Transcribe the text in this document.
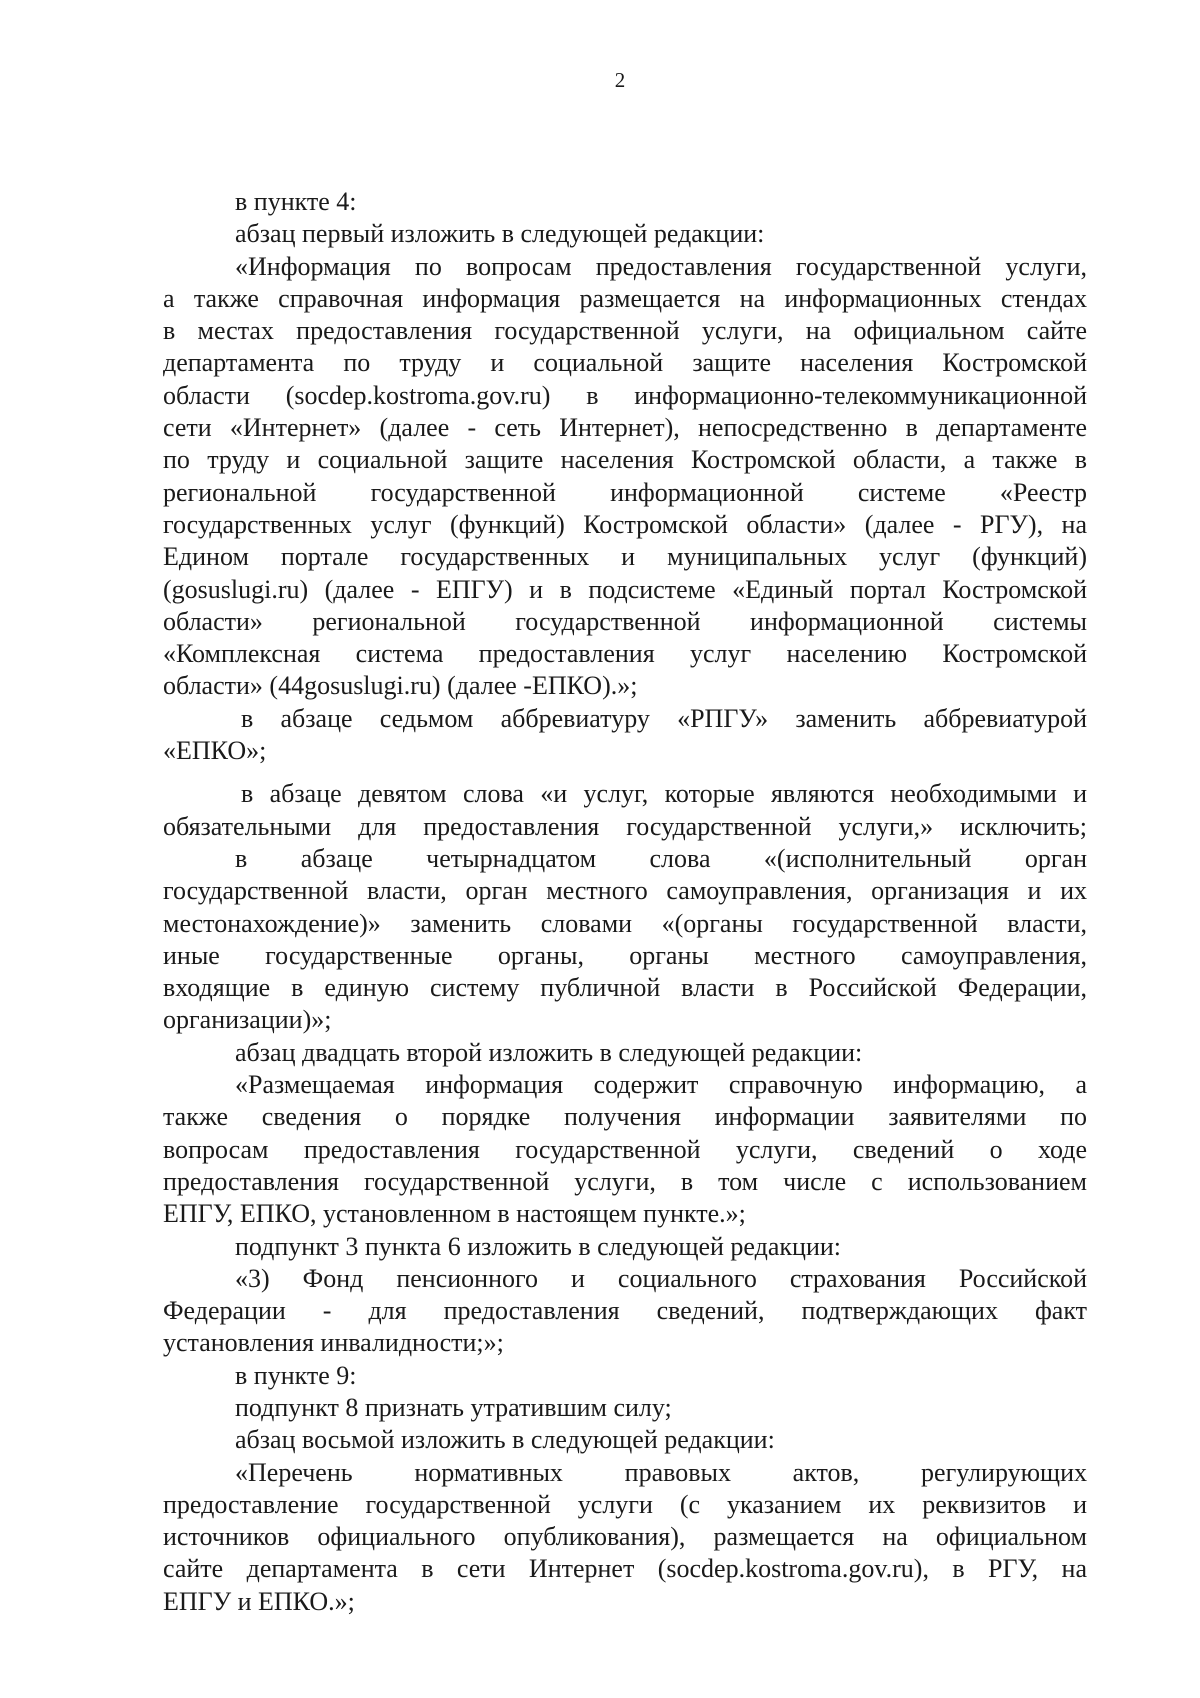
2
в пункте 4:
абзац первый изложить в следующей редакции:
«Информация по вопросам предоставления государственной услуги,
а также справочная информация размещается на информационных стендах
в местах предоставления государственной услуги, на официальном сайте
департамента по труду и социальной защите населения Костромской
области (socdep.kostroma.gov.ru) в информационно-телекоммуникационной
сети «Интернет» (далее - сеть Интернет), непосредственно в департаменте
по труду и социальной защите населения Костромской области, а также в
региональной государственной информационной системе «Реестр
государственных услуг (функций) Костромской области» (далее - РГУ), на
Едином портале государственных и муниципальных услуг (функций)
(gosuslugi.ru) (далее - ЕПГУ) и в подсистеме «Единый портал Костромской
области» региональной государственной информационной системы
«Комплексная система предоставления услуг населению Костромской
области» (44gosuslugi.ru) (далее -ЕПКО).»;
в абзаце седьмом аббревиатуру «РПГУ» заменить аббревиатурой
«ЕПКО»;
в абзаце девятом слова «и услуг, которые являются необходимыми и
обязательными для предоставления государственной услуги,» исключить;
в абзаце четырнадцатом слова «(исполнительный орган
государственной власти, орган местного самоуправления, организация и их
местонахождение)» заменить словами «(органы государственной власти,
иные государственные органы, органы местного самоуправления,
входящие в единую систему публичной власти в Российской Федерации,
организации)»;
абзац двадцать второй изложить в следующей редакции:
«Размещаемая информация содержит справочную информацию, а
также сведения о порядке получения информации заявителями по
вопросам предоставления государственной услуги, сведений о ходе
предоставления государственной услуги, в том числе с использованием
ЕПГУ, ЕПКО, установленном в настоящем пункте.»;
подпункт 3 пункта 6 изложить в следующей редакции:
«3) Фонд пенсионного и социального страхования Российской
Федерации - для предоставления сведений, подтверждающих факт
установления инвалидности;»;
в пункте 9:
подпункт 8 признать утратившим силу;
абзац восьмой изложить в следующей редакции:
«Перечень нормативных правовых актов, регулирующих
предоставление государственной услуги (с указанием их реквизитов и
источников официального опубликования), размещается на официальном
сайте департамента в сети Интернет (socdep.kostroma.gov.ru), в РГУ, на
ЕПГУ и ЕПКО.»;
